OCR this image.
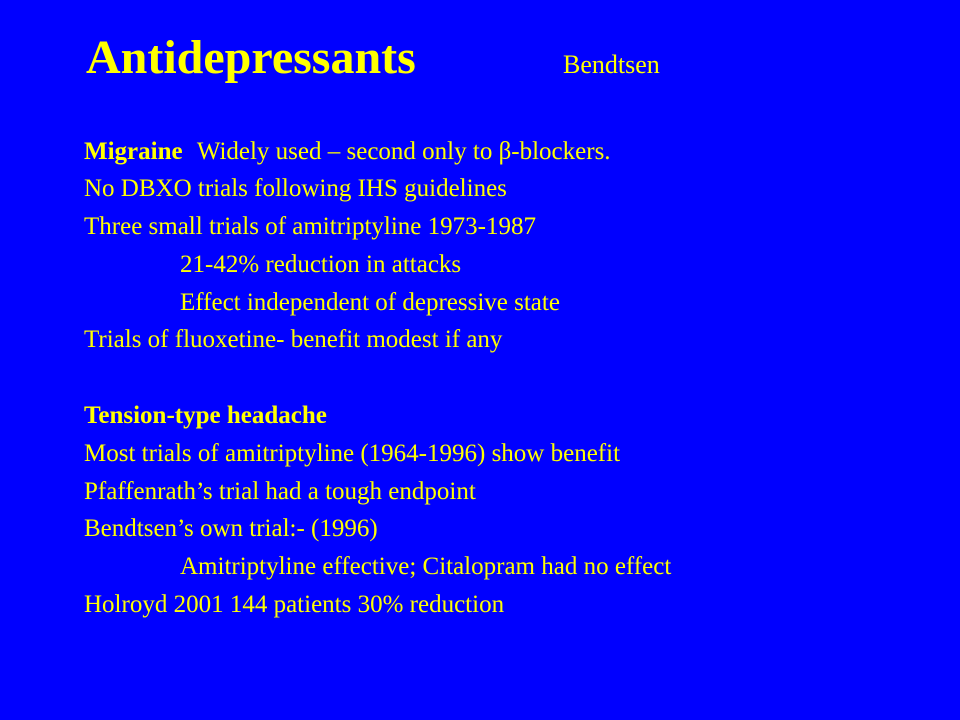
Antidepressants	Bendtsen
Migraine Widely used – second only to β-blockers.
No DBXO trials following IHS guidelines
Three small trials of amitriptyline 1973-1987
21-42% reduction in attacks
Effect independent of depressive state
Trials of fluoxetine- benefit modest if any
Tension-type headache
Most trials of amitriptyline (1964-1996) show benefit
Pfaffenrath’s trial had a tough endpoint
Bendtsen’s own trial:- (1996)
Amitriptyline effective; Citalopram had no effect
Holroyd 2001 144 patients 30% reduction
